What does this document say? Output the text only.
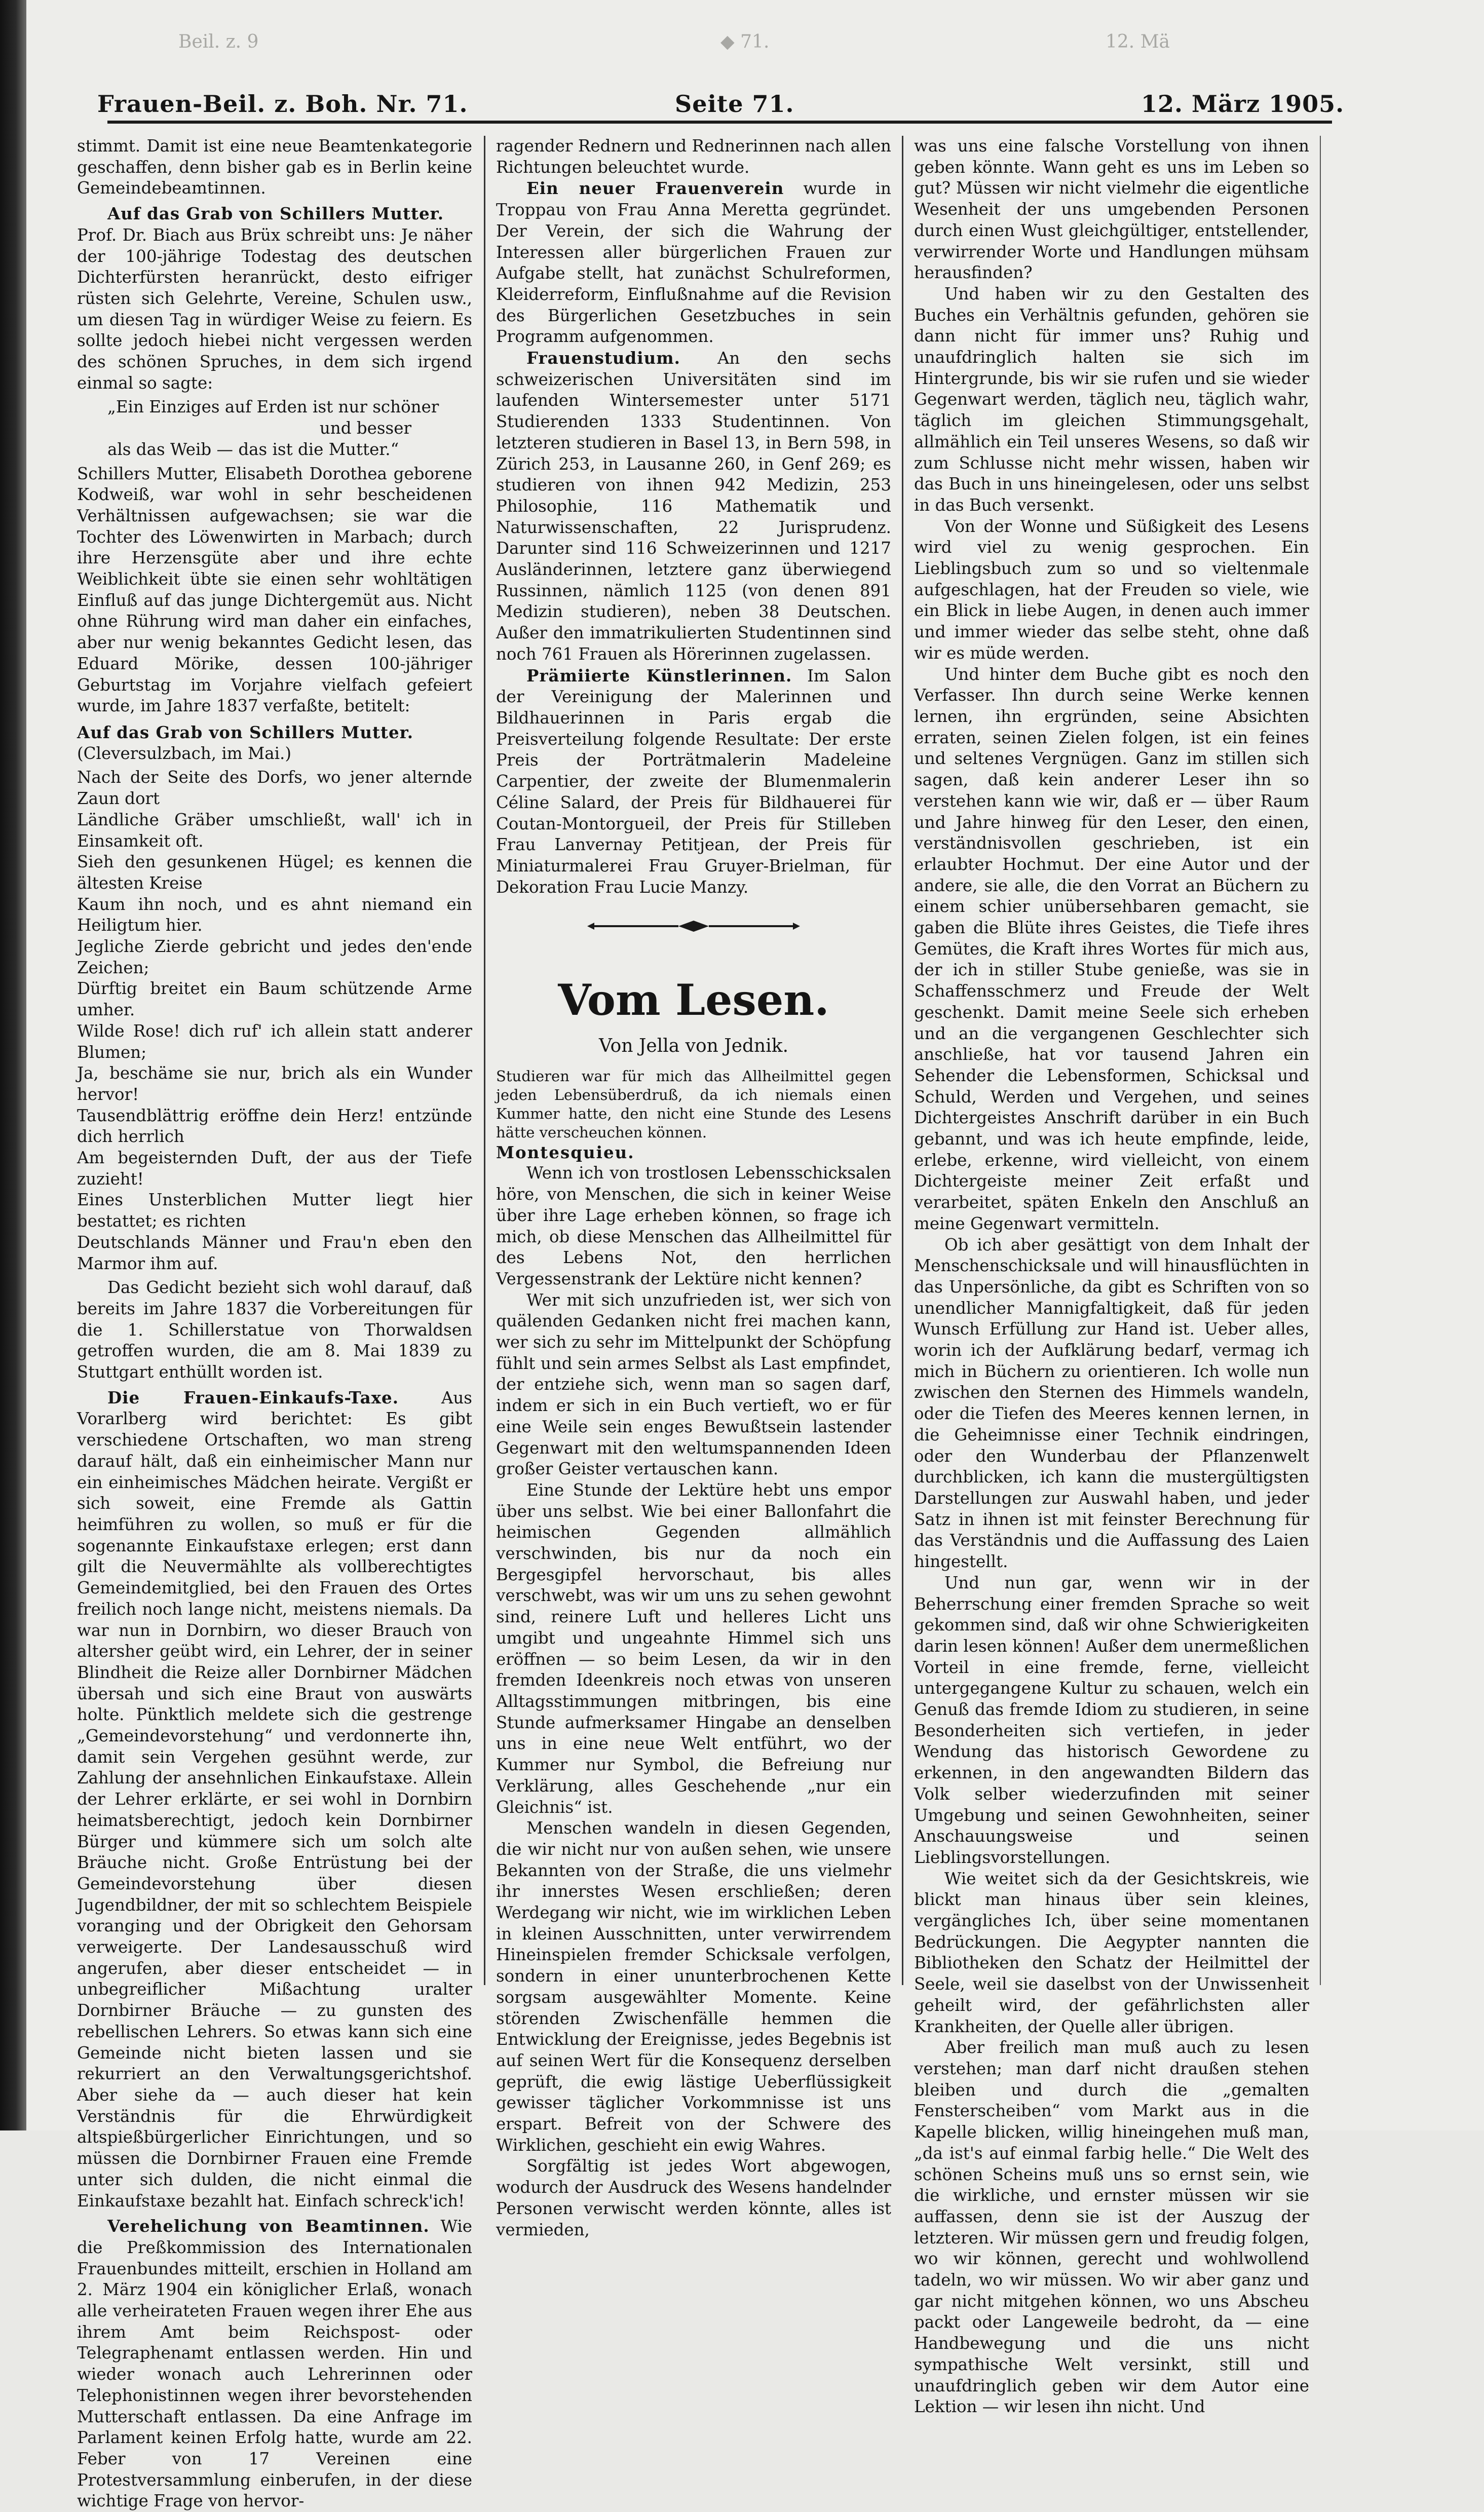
Beil. z. 9	◆ 71.	12. Mä
Frauen-Beil. z. Boh. Nr. 71.	Seite 71.	12. März 1905.

stimmt. Damit ist eine neue Beamtenkategorie geschaffen, denn bisher gab es in Berlin keine Gemeindebeamtinnen.

Auf das Grab von Schillers Mutter.

Prof. Dr. Biach aus Brüx schreibt uns: Je näher der 100-jährige Todestag des deutschen Dichterfürsten heranrückt, desto eifriger rüsten sich Gelehrte, Vereine, Schulen usw., um diesen Tag in würdiger Weise zu feiern. Es sollte jedoch hiebei nicht vergessen werden des schönen Spruches, in dem sich irgend einmal so sagte:

„Ein Einziges auf Erden ist nur schöner

und besser

als das Weib — das ist die Mutter.“

Schillers Mutter, Elisabeth Dorothea geborene Kodweiß, war wohl in sehr bescheidenen Verhältnissen aufgewachsen; sie war die Tochter des Löwenwirten in Marbach; durch ihre Herzensgüte aber und ihre echte Weiblichkeit übte sie einen sehr wohltätigen Einfluß auf das junge Dichtergemüt aus. Nicht ohne Rührung wird man daher ein einfaches, aber nur wenig bekanntes Gedicht lesen, das Eduard Mörike, dessen 100-jähriger Geburtstag im Vorjahre vielfach gefeiert wurde, im Jahre 1837 verfaßte, betitelt:

Auf das Grab von Schillers Mutter.

(Cleversulzbach, im Mai.)

Nach der Seite des Dorfs, wo jener alternde Zaun dort

Ländliche Gräber umschließt, wall' ich in Einsamkeit oft.

Sieh den gesunkenen Hügel; es kennen die ältesten Kreise

Kaum ihn noch, und es ahnt niemand ein Heiligtum hier.

Jegliche Zierde gebricht und jedes den'ende Zeichen;

Dürftig breitet ein Baum schützende Arme umher.

Wilde Rose! dich ruf' ich allein statt anderer Blumen;

Ja, beschäme sie nur, brich als ein Wunder hervor!

Tausendblättrig eröffne dein Herz! entzünde dich herrlich

Am begeisternden Duft, der aus der Tiefe zuzieht!

Eines Unsterblichen Mutter liegt hier bestattet; es richten

Deutschlands Männer und Frau'n eben den Marmor ihm auf.

Das Gedicht bezieht sich wohl darauf, daß bereits im Jahre 1837 die Vorbereitungen für die 1. Schillerstatue von Thorwaldsen getroffen wurden, die am 8. Mai 1839 zu Stuttgart enthüllt worden ist.

Die Frauen-Einkaufs-Taxe.	Aus Vorarlberg wird berichtet: Es gibt verschiedene Ortschaften, wo man streng darauf hält, daß ein einheimischer Mann nur ein einheimisches Mädchen heirate. Vergißt er sich soweit, eine Fremde als Gattin heimführen zu wollen, so muß er für die sogenannte Einkaufstaxe erlegen; erst dann gilt die Neuvermählte als vollberechtigtes Gemeindemitglied, bei den Frauen des Ortes freilich noch lange nicht, meistens niemals. Da war nun in Dornbirn, wo dieser Brauch von altersher geübt wird, ein Lehrer, der in seiner Blindheit die Reize aller Dornbirner Mädchen übersah und sich eine Braut von auswärts holte. Pünktlich meldete sich die gestrenge „Gemeindevorstehung“ und verdonnerte ihn, damit sein Vergehen gesühnt werde, zur Zahlung der ansehnlichen Einkaufstaxe. Allein der Lehrer erklärte, er sei wohl in Dornbirn heimatsberechtigt, jedoch kein Dornbirner Bürger und kümmere sich um solch alte Bräuche nicht. Große Entrüstung bei der Gemeindevorstehung über diesen Jugendbildner, der mit so schlechtem Beispiele voranging und der Obrigkeit den Gehorsam verweigerte. Der Landesausschuß wird angerufen, aber dieser entscheidet — in unbegreiflicher Mißachtung uralter Dornbirner Bräuche — zu gunsten des rebellischen Lehrers. So etwas kann sich eine Gemeinde nicht bieten lassen und sie rekurriert an den Verwaltungsgerichtshof. Aber siehe da — auch dieser hat kein Verständnis für die Ehrwürdigkeit altspießbürgerlicher Einrichtungen, und so müssen die Dornbirner Frauen eine Fremde unter sich dulden, die nicht einmal die Einkaufstaxe bezahlt hat. Einfach schreck'ich!

Verehelichung von Beamtinnen. Wie die Preßkommission des Internationalen Frauenbundes mitteilt, erschien in Holland am 2. März 1904 ein königlicher Erlaß, wonach alle verheirateten Frauen wegen ihrer Ehe aus ihrem Amt beim Reichspost- oder Telegraphenamt entlassen werden. Hin und wieder wonach auch Lehrerinnen oder Telephonistinnen wegen ihrer bevorstehenden Mutterschaft entlassen. Da eine Anfrage im Parlament keinen Erfolg hatte, wurde am 22. Feber von 17 Vereinen eine Protestversammlung einberufen, in der diese wichtige Frage von hervor-

ragender Rednern und Rednerinnen nach allen Richtungen beleuchtet wurde.

Ein neuer Frauenverein wurde in Troppau von Frau Anna Meretta gegründet. Der Verein, der sich die Wahrung der Interessen aller bürgerlichen Frauen zur Aufgabe stellt, hat zunächst Schulreformen, Kleiderreform, Einflußnahme auf die Revision des Bürgerlichen Gesetzbuches in sein Programm aufgenommen.

Frauenstudium. An den sechs schweizerischen Universitäten sind im laufenden Wintersemester unter 5171 Studierenden 1333 Studentinnen. Von letzteren studieren in Basel 13, in Bern 598, in Zürich 253, in Lausanne 260, in Genf 269; es studieren von ihnen 942 Medizin, 253 Philosophie, 116 Mathematik und Naturwissenschaften, 22 Jurisprudenz. Darunter sind 116 Schweizerinnen und 1217 Ausländerinnen, letztere ganz überwiegend Russinnen, nämlich 1125 (von denen 891 Medizin studieren), neben 38 Deutschen. Außer den immatrikulierten Studentinnen sind noch 761 Frauen als Hörerinnen zugelassen.

Prämiierte Künstlerinnen. Im Salon der Vereinigung der Malerinnen und Bildhauerinnen in Paris ergab die Preisverteilung folgende Resultate: Der erste Preis der Porträtmalerin Madeleine Carpentier, der zweite der Blumenmalerin Céline Salard, der Preis für Bildhauerei für Coutan-Montorgueil, der Preis für Stilleben Frau Lanvernay Petitjean, der Preis für Miniaturmalerei Frau Gruyer-Brielman, für Dekoration Frau Lucie Manzy.

Vom Lesen.
Von Jella von Jednik.

Studieren war für mich das Allheilmittel gegen jeden Lebensüberdruß, da ich niemals einen Kummer hatte, den nicht eine Stunde des Lesens hätte verscheuchen können.

Montesquieu.

Wenn ich von trostlosen Lebensschicksalen höre, von Menschen, die sich in keiner Weise über ihre Lage erheben können, so frage ich mich, ob diese Menschen das Allheilmittel für des Lebens Not, den herrlichen Vergessenstrank der Lektüre nicht kennen?

Wer mit sich unzufrieden ist, wer sich von quälenden Gedanken nicht frei machen kann, wer sich zu sehr im Mittelpunkt der Schöpfung fühlt und sein armes Selbst als Last empfindet, der entziehe sich, wenn man so sagen darf, indem er sich in ein Buch vertieft, wo er für eine Weile sein enges Bewußtsein lastender Gegenwart mit den weltumspannenden Ideen großer Geister vertauschen kann.

Eine Stunde der Lektüre hebt uns empor über uns selbst. Wie bei einer Ballonfahrt die heimischen Gegenden allmählich verschwinden, bis nur da noch ein Bergesgipfel hervorschaut, bis alles verschwebt, was wir um uns zu sehen gewohnt sind, reinere Luft und helleres Licht uns umgibt und ungeahnte Himmel sich uns eröffnen — so beim Lesen, da wir in den fremden Ideenkreis noch etwas von unseren Alltagsstimmungen mitbringen, bis eine Stunde aufmerksamer Hingabe an denselben uns in eine neue Welt entführt, wo der Kummer nur Symbol, die Befreiung nur Verklärung, alles Geschehende „nur ein Gleichnis“ ist.

Menschen wandeln in diesen Gegenden, die wir nicht nur von außen sehen, wie unsere Bekannten von der Straße, die uns vielmehr ihr innerstes Wesen erschließen; deren Werdegang wir nicht, wie im wirklichen Leben in kleinen Ausschnitten, unter verwirrendem Hineinspielen fremder Schicksale verfolgen, sondern in einer ununterbrochenen Kette sorgsam ausgewählter Momente. Keine störenden Zwischenfälle hemmen die Entwicklung der Ereignisse, jedes Begebnis ist auf seinen Wert für die Konsequenz derselben geprüft, die ewig lästige Ueberflüssigkeit gewisser täglicher Vorkommnisse ist uns erspart. Befreit von der Schwere des Wirklichen, geschieht ein ewig Wahres.

Sorgfältig ist jedes Wort abgewogen, wodurch der Ausdruck des Wesens handelnder Personen verwischt werden könnte, alles ist vermieden,

was uns eine falsche Vorstellung von ihnen geben könnte. Wann geht es uns im Leben so gut? Müssen wir nicht vielmehr die eigentliche Wesenheit der uns umgebenden Personen durch einen Wust gleichgültiger, entstellender, verwirrender Worte und Handlungen mühsam herausfinden?

Und haben wir zu den Gestalten des Buches ein Verhältnis gefunden, gehören sie dann nicht für immer uns? Ruhig und unaufdringlich halten sie sich im Hintergrunde, bis wir sie rufen und sie wieder Gegenwart werden, täglich neu, täglich wahr, täglich im gleichen Stimmungsgehalt, allmählich ein Teil unseres Wesens, so daß wir zum Schlusse nicht mehr wissen, haben wir das Buch in uns hineingelesen, oder uns selbst in das Buch versenkt.

Von der Wonne und Süßigkeit des Lesens wird viel zu wenig gesprochen. Ein Lieblingsbuch zum so und so vieltenmale aufgeschlagen, hat der Freuden so viele, wie ein Blick in liebe Augen, in denen auch immer und immer wieder das selbe steht, ohne daß wir es müde werden.

Und hinter dem Buche gibt es noch den Verfasser. Ihn durch seine Werke kennen lernen, ihn ergründen, seine Absichten erraten, seinen Zielen folgen, ist ein feines und seltenes Vergnügen. Ganz im stillen sich sagen, daß kein anderer Leser ihn so verstehen kann wie wir, daß er — über Raum und Jahre hinweg für den Leser, den einen, verständnisvollen geschrieben, ist ein erlaubter Hochmut. Der eine Autor und der andere, sie alle, die den Vorrat an Büchern zu einem schier unübersehbaren gemacht, sie gaben die Blüte ihres Geistes, die Tiefe ihres Gemütes, die Kraft ihres Wortes für mich aus, der ich in stiller Stube genieße, was sie in Schaffensschmerz und Freude der Welt geschenkt. Damit meine Seele sich erheben und an die vergangenen Geschlechter sich anschließe, hat vor tausend Jahren ein Sehender die Lebensformen, Schicksal und Schuld, Werden und Vergehen, und seines Dichtergeistes Anschrift darüber in ein Buch gebannt, und was ich heute empfinde, leide, erlebe, erkenne, wird vielleicht, von einem Dichtergeiste meiner Zeit erfaßt und verarbeitet, späten Enkeln den Anschluß an meine Gegenwart vermitteln.

Ob ich aber gesättigt von dem Inhalt der Menschenschicksale und will hinausflüchten in das Unpersönliche, da gibt es Schriften von so unendlicher Mannigfaltigkeit, daß für jeden Wunsch Erfüllung zur Hand ist. Ueber alles, worin ich der Aufklärung bedarf, vermag ich mich in Büchern zu orientieren. Ich wolle nun zwischen den Sternen des Himmels wandeln, oder die Tiefen des Meeres kennen lernen, in die Geheimnisse einer Technik eindringen, oder den Wunderbau der Pflanzenwelt durchblicken, ich kann die mustergültigsten Darstellungen zur Auswahl haben, und jeder Satz in ihnen ist mit feinster Berechnung für das Verständnis und die Auffassung des Laien hingestellt.

Und nun gar, wenn wir in der Beherrschung einer fremden Sprache so weit gekommen sind, daß wir ohne Schwierigkeiten darin lesen können! Außer dem unermeßlichen Vorteil in eine fremde, ferne, vielleicht untergegangene Kultur zu schauen, welch ein Genuß das fremde Idiom zu studieren, in seine Besonderheiten sich vertiefen, in jeder Wendung das historisch Gewordene zu erkennen, in den angewandten Bildern das Volk selber wiederzufinden mit seiner Umgebung und seinen Gewohnheiten, seiner Anschauungsweise und seinen Lieblingsvorstellungen.

Wie weitet sich da der Gesichtskreis, wie blickt man hinaus über sein kleines, vergängliches Ich, über seine momentanen Bedrückungen. Die Aegypter nannten die Bibliotheken den Schatz der Heilmittel der Seele, weil sie daselbst von der Unwissenheit geheilt wird, der gefährlichsten aller Krankheiten, der Quelle aller übrigen.

Aber freilich man muß auch zu lesen verstehen; man darf nicht draußen stehen bleiben und durch die „gemalten Fensterscheiben“ vom Markt aus in die Kapelle blicken, willig hineingehen muß man, „da ist's auf einmal farbig helle.“ Die Welt des schönen Scheins muß uns so ernst sein, wie die wirkliche, und ernster müssen wir sie auffassen, denn sie ist der Auszug der letzteren. Wir müssen gern und freudig folgen, wo wir können, gerecht und wohlwollend tadeln, wo wir müssen. Wo wir aber ganz und gar nicht mitgehen können, wo uns Abscheu packt oder Langeweile bedroht, da — eine Handbewegung und die uns nicht sympathische Welt versinkt, still und unaufdringlich geben wir dem Autor eine Lektion — wir lesen ihn nicht. Und
